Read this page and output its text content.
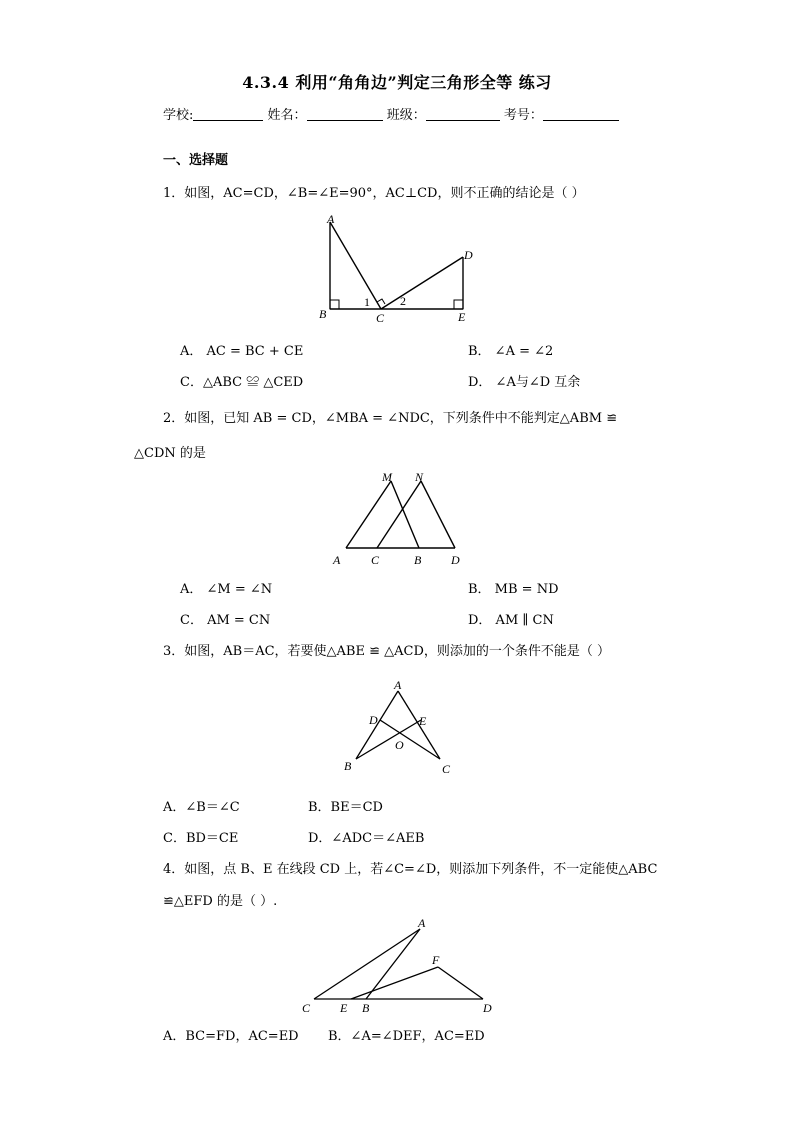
4.3.4 利用“角角边”判定三角形全等 练习
学校:	姓名：	班级：	考号：
一、选择题
1．如图，AC=CD，∠B=∠E=90°，AC⊥CD，则不正确的结论是（ ）
A
B	C
D
E
1	2
A． AC = BC + CE	B． ∠A = ∠2
C．△ABC ≌ △CED	D． ∠A与∠D 互余
2．如图，已知 AB = CD，∠MBA = ∠NDC，下列条件中不能判定△ABM ≌
△CDN 的是
M N
A	C	B D
A． ∠M = ∠N	B． MB = ND
C． AM = CN	D． AM ∥ CN
3．如图，AB＝AC，若要使△ABE ≌ △ACD，则添加的一个条件不能是（ ）
A
D	E
O
B	C
A．∠B＝∠C	B．BE＝CD
C．BD＝CE	D．∠ADC＝∠AEB
4．如图，点 B、E 在线段 CD 上，若∠C=∠D，则添加下列条件，不一定能使△ABC
≌△EFD 的是（ ）.
A
F
C E B	D
A．BC=FD，AC=ED B．∠A=∠DEF，AC=ED
